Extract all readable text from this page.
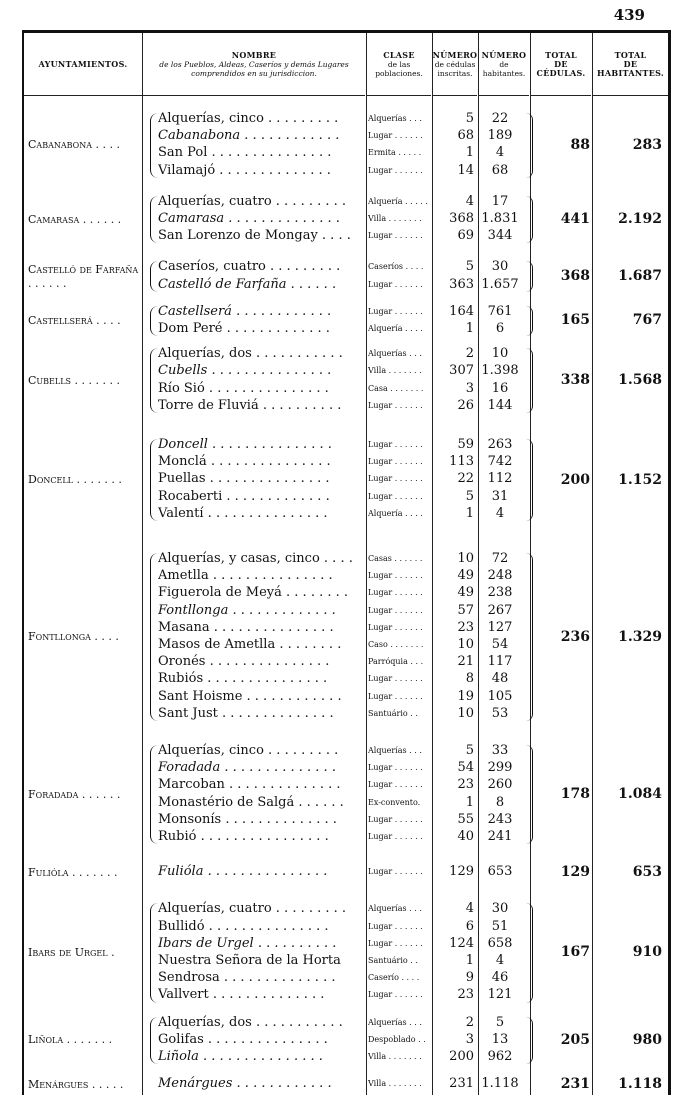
439
AYUNTAMIENTOS.
NOMBRE
de los Pueblos, Aldeas, Caseríos y demás Lugares comprendidos en su jurisdiccion.
CLASE
de las poblaciones.
NÚMERO
de cédulas inscritas.
NÚMERO
de habitantes.
TOTAL
DE CÉDULAS.
TOTAL
DE HABITANTES.
Cabanabona . . . .
Alquerías, cinco . . . . . . . . .	Alquerías . . .	5	22
Cabanabona . . . . . . . . . . . .	Lugar . . . . . .	68	189
San Pol . . . . . . . . . . . . . . .	Ermita . . . . .	1	4
Vilamajó . . . . . . . . . . . . . .	Lugar . . . . . .	14	68
88	283
Camarasa . . . . . .
Alquerías, cuatro . . . . . . . . .	Alquería . . . . .	4	17
Camarasa . . . . . . . . . . . . . .	Villa . . . . . . .	368 1.831
San Lorenzo de Mongay . . . .	Lugar . . . . . .	69	344
441	2.192
Castelló de Farfaña . . . . . .
Caseríos, cuatro . . . . . . . . .	Caseríos . . . .	5	30
Castelló de Farfaña . . . . . .	Lugar . . . . . .	363 1.657	368	1.687
Castellserá . . . .
Castellserá . . . . . . . . . . . .	Lugar . . . . . .	164	761
Dom Peré . . . . . . . . . . . . .	Alquería . . . .	1	6	165	767
Cubells . . . . . . .
Alquerías, dos . . . . . . . . . . .	Alquerías . . .	2	10
Cubells . . . . . . . . . . . . . . .	Villa . . . . . . .	307 1.398
Río Sió . . . . . . . . . . . . . . .	Casa . . . . . . .	3	16
Torre de Fluviá . . . . . . . . . .	Lugar . . . . . .	26	144
338	1.568
Doncell . . . . . . .
Doncell . . . . . . . . . . . . . . .	Lugar . . . . . .	59	263
Monclá . . . . . . . . . . . . . . .	Lugar . . . . . .	113	742
Puellas . . . . . . . . . . . . . . .	Lugar . . . . . .	22	112
Rocaberti . . . . . . . . . . . . .	Lugar . . . . . .	5	31
Valentí . . . . . . . . . . . . . . .	Alquería . . . .	1	4
200	1.152
Fontllonga . . . .
Alquerías, y casas, cinco . . . .	Casas . . . . . .	10	72
Ametlla . . . . . . . . . . . . . . .	Lugar . . . . . .	49	248
Figuerola de Meyá . . . . . . . .	Lugar . . . . . .	49	238
Fontllonga . . . . . . . . . . . . .	Lugar . . . . . .	57	267
Masana . . . . . . . . . . . . . . .	Lugar . . . . . .	23	127
Masos de Ametlla . . . . . . . .	Caso . . . . . . .	10	54
Oronés . . . . . . . . . . . . . . .	Parróquia . . .	21	117
Rubiós . . . . . . . . . . . . . . .	Lugar . . . . . .	8	48
Sant Hoisme . . . . . . . . . . . .	Lugar . . . . . .	19	105
Sant Just . . . . . . . . . . . . . .	Santuário . .	10	53
236	1.329
Foradada . . . . . .
Alquerías, cinco . . . . . . . . .	Alquerías . . .	5	33
Foradada . . . . . . . . . . . . . .	Lugar . . . . . .	54	299
Marcoban . . . . . . . . . . . . . .	Lugar . . . . . .	23	260
Monastério de Salgá . . . . . .	Ex-convento.	1	8
Monsonís . . . . . . . . . . . . . .	Lugar . . . . . .	55	243
Rubió . . . . . . . . . . . . . . . .	Lugar . . . . . .	40	241
178	1.084
Fulióla . . . . . . .	Fulióla . . . . . . . . . . . . . . .	Lugar . . . . . .	129	653	129	653
Ibars de Urgel .
Alquerías, cuatro . . . . . . . . .	Alquerías . . .	4	30
Bullidó . . . . . . . . . . . . . . .	Lugar . . . . . .	6	51
Ibars de Urgel . . . . . . . . . .	Lugar . . . . . .	124	658
Nuestra Señora de la Horta	Santuário . .	1	4
Sendrosa . . . . . . . . . . . . . .	Caserío . . . .	9	46
Vallvert . . . . . . . . . . . . . .	Lugar . . . . . .	23	121
167	910
Liñola . . . . . . .
Alquerías, dos . . . . . . . . . . .	Alquerías . . .	2	5
Golifas . . . . . . . . . . . . . . .	Despoblado . .	3	13
Liñola . . . . . . . . . . . . . . .	Villa . . . . . . .	200	962
205	980
Menárgues . . . . .	Menárgues . . . . . . . . . . . .	Villa . . . . . . .	231 1.118	231	1.118
